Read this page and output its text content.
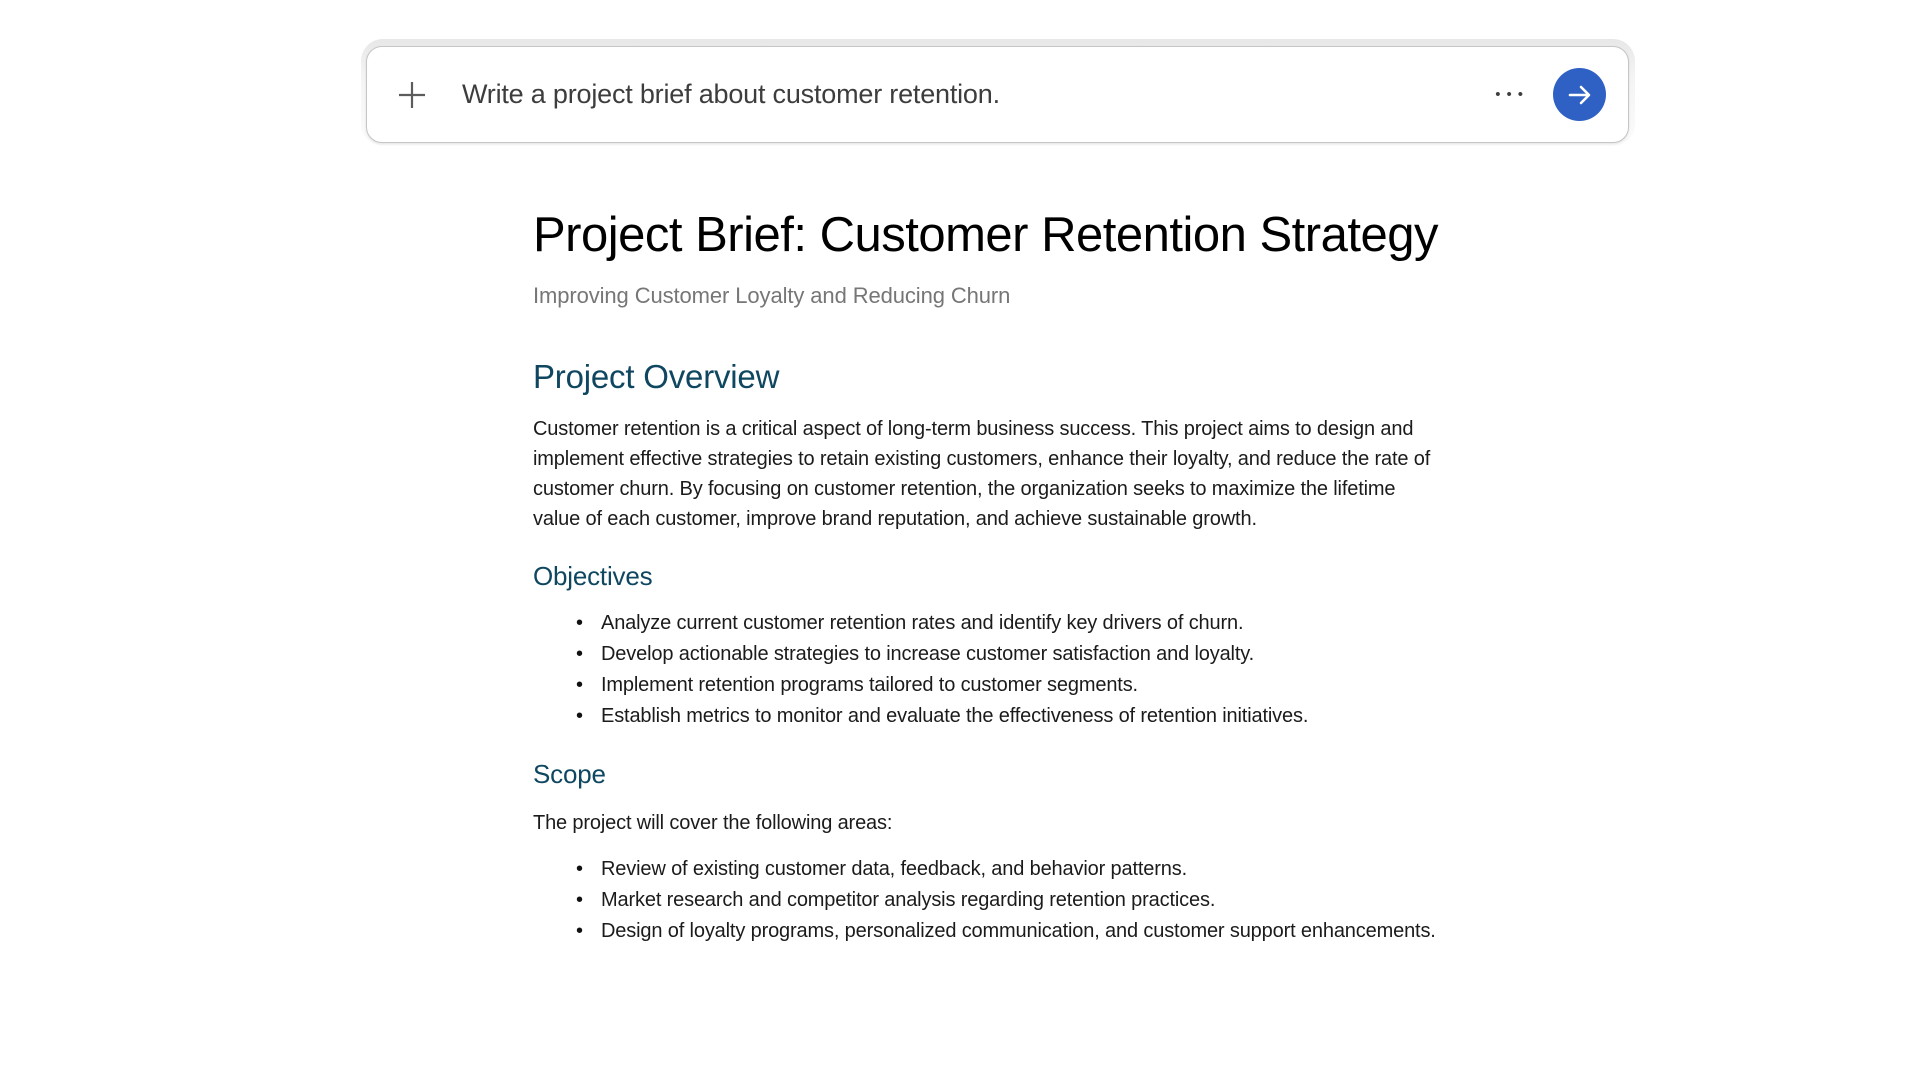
Write a project brief about customer retention.	•••
Project Brief: Customer Retention Strategy
Improving Customer Loyalty and Reducing Churn
Project Overview

Customer retention is a critical aspect of long-term business success. This project aims to design and implement effective strategies to retain existing customers, enhance their loyalty, and reduce the rate of customer churn. By focusing on customer retention, the organization seeks to maximize the lifetime value of each customer, improve brand reputation, and achieve sustainable growth.

Objectives
• Analyze current customer retention rates and identify key drivers of churn.
• Develop actionable strategies to increase customer satisfaction and loyalty.
• Implement retention programs tailored to customer segments.
• Establish metrics to monitor and evaluate the effectiveness of retention initiatives.
Scope

The project will cover the following areas:

• Review of existing customer data, feedback, and behavior patterns.
• Market research and competitor analysis regarding retention practices.
• Design of loyalty programs, personalized communication, and customer support enhancements.
